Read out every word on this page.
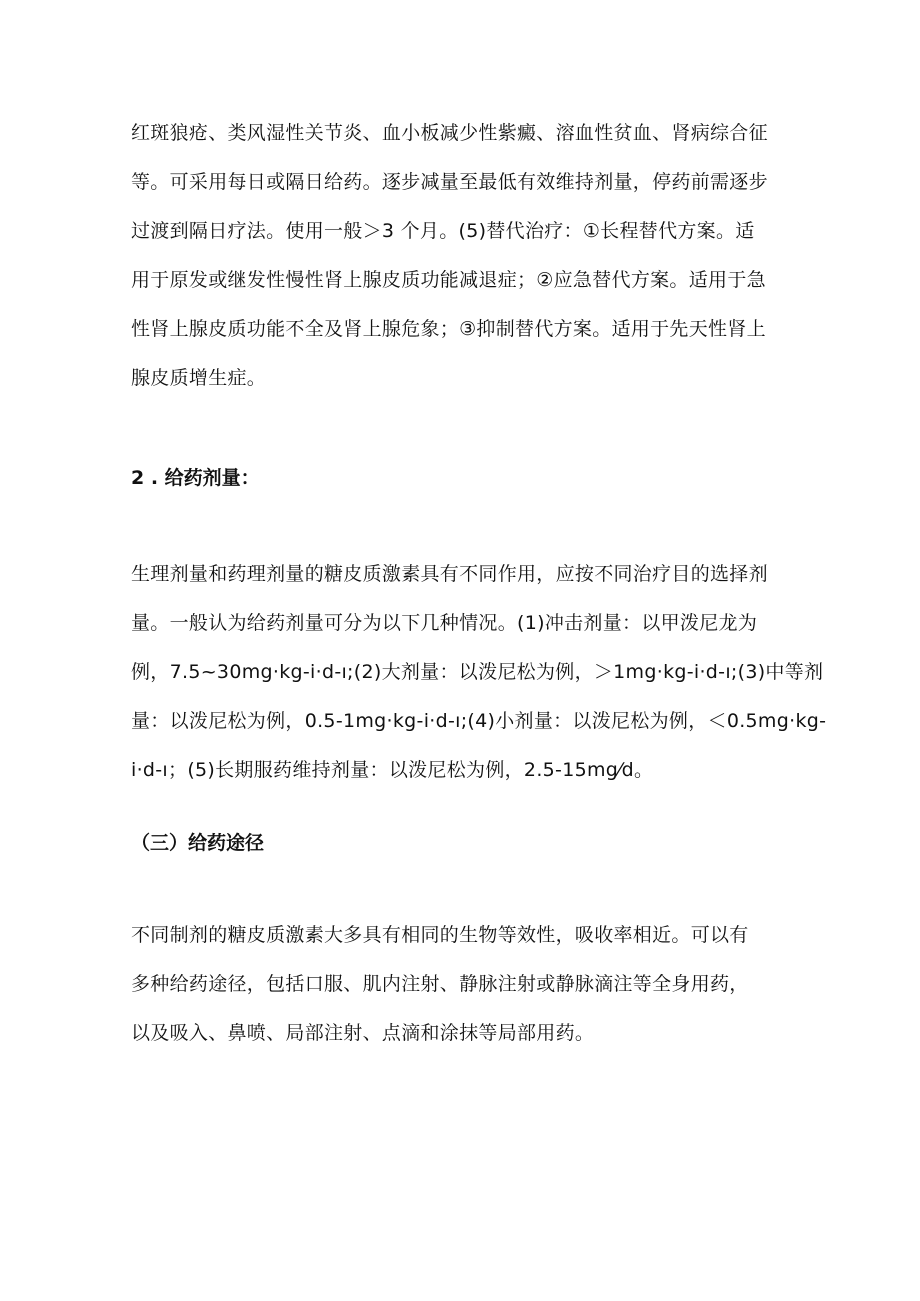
红斑狼疮、类风湿性关节炎、血小板减少性紫癜、溶血性贫血、肾病综合征
等。可采用每日或隔日给药。逐步减量至最低有效维持剂量，停药前需逐步
过渡到隔日疗法。使用一般＞3 个月。(5)替代治疗：①长程替代方案。适
用于原发或继发性慢性肾上腺皮质功能减退症；②应急替代方案。适用于急
性肾上腺皮质功能不全及肾上腺危象；③抑制替代方案。适用于先天性肾上
腺皮质增生症。
2 . 给药剂量：
生理剂量和药理剂量的糖皮质激素具有不同作用，应按不同治疗目的选择剂
量。一般认为给药剂量可分为以下几种情况。(1)冲击剂量：以甲泼尼龙为
例，7.5~30mg·kg-i·d-ı;(2)大剂量：以泼尼松为例，＞1mg·kg-i·d-ı;(3)中等剂
量：以泼尼松为例，0.5-1mg·kg-i·d-ı;(4)小剂量：以泼尼松为例，＜0.5mg·kg-
i·d-ı；(5)长期服药维持剂量：以泼尼松为例，2.5-15mg⁄d。
（三）给药途径
不同制剂的糖皮质激素大多具有相同的生物等效性，吸收率相近。可以有
多种给药途径，包括口服、肌内注射、静脉注射或静脉滴注等全身用药，
以及吸入、鼻喷、局部注射、点滴和涂抹等局部用药。
